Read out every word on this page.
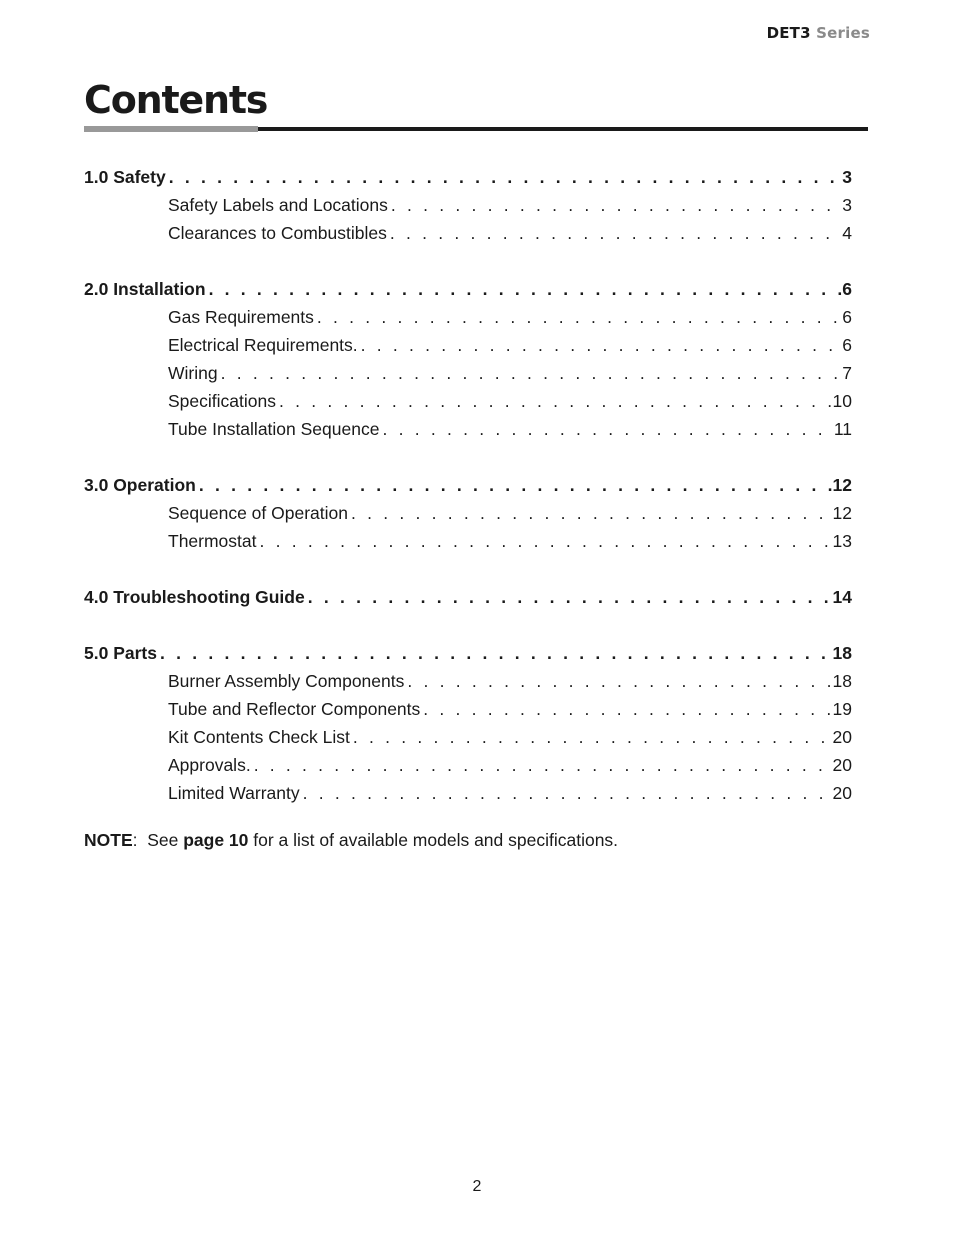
DET3 Series
Contents
1.0 Safety . . .	3
Safety Labels and Locations . . .	3
Clearances to Combustibles . . .	4
2.0 Installation . . .	6
Gas Requirements . . .	6
Electrical Requirements. . . .	6
Wiring . . .	7
Specifications . . .	10
Tube Installation Sequence . . .	11
3.0 Operation . . .	12
Sequence of Operation . . .	12
Thermostat . . .	13
4.0 Troubleshooting Guide . . .	14
5.0 Parts . . .	18
Burner Assembly Components . . .	18
Tube and Reflector Components . . .	19
Kit Contents Check List . . .	20
Approvals. . . .	20
Limited Warranty . . .	20
NOTE:  See page 10 for a list of available models and specifications.
2
